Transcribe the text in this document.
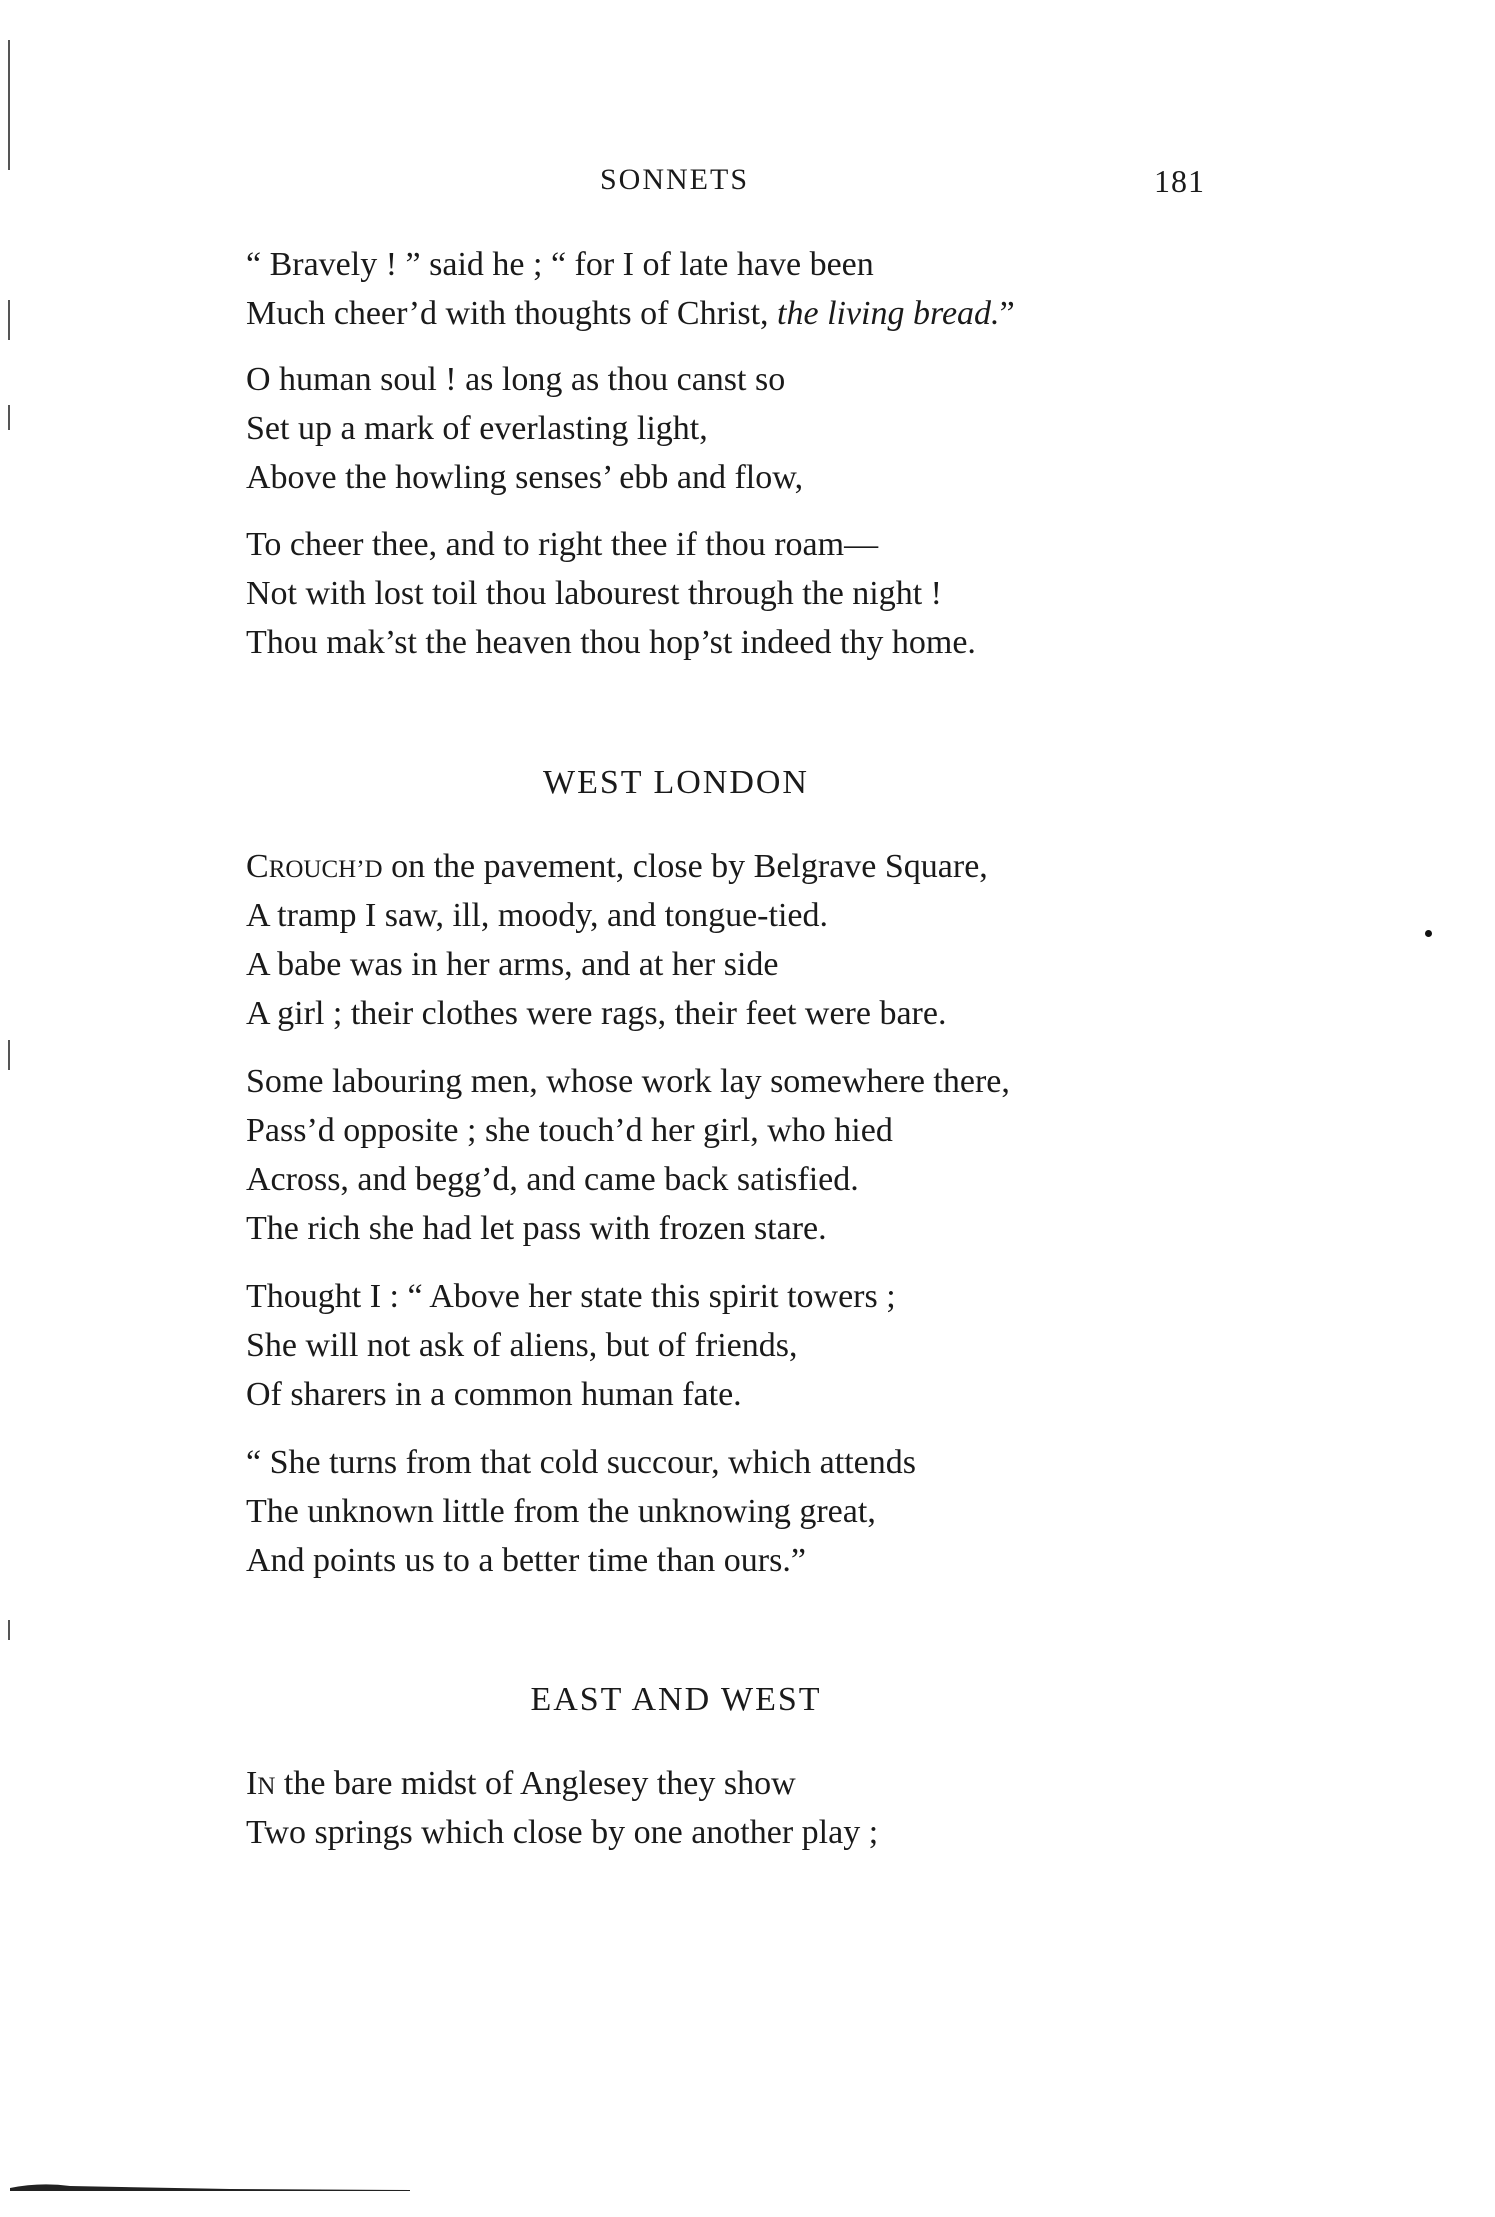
SONNETS	181
“ Bravely ! ” said he ; “ for I of late have been
Much cheer’d with thoughts of Christ, the living bread.”
O human soul ! as long as thou canst so
Set up a mark of everlasting light,
Above the howling senses’ ebb and flow,
To cheer thee, and to right thee if thou roam—
Not with lost toil thou labourest through the night !
Thou mak’st the heaven thou hop’st indeed thy home.
WEST LONDON
CROUCH’D on the pavement, close by Belgrave Square,
A tramp I saw, ill, moody, and tongue-tied.
A babe was in her arms, and at her side
A girl ; their clothes were rags, their feet were bare.
Some labouring men, whose work lay somewhere there,
Pass’d opposite ; she touch’d her girl, who hied
Across, and begg’d, and came back satisfied.
The rich she had let pass with frozen stare.
Thought I : “ Above her state this spirit towers ;
She will not ask of aliens, but of friends,
Of sharers in a common human fate.
“ She turns from that cold succour, which attends
The unknown little from the unknowing great,
And points us to a better time than ours.”
EAST AND WEST
IN the bare midst of Anglesey they show
Two springs which close by one another play ;
